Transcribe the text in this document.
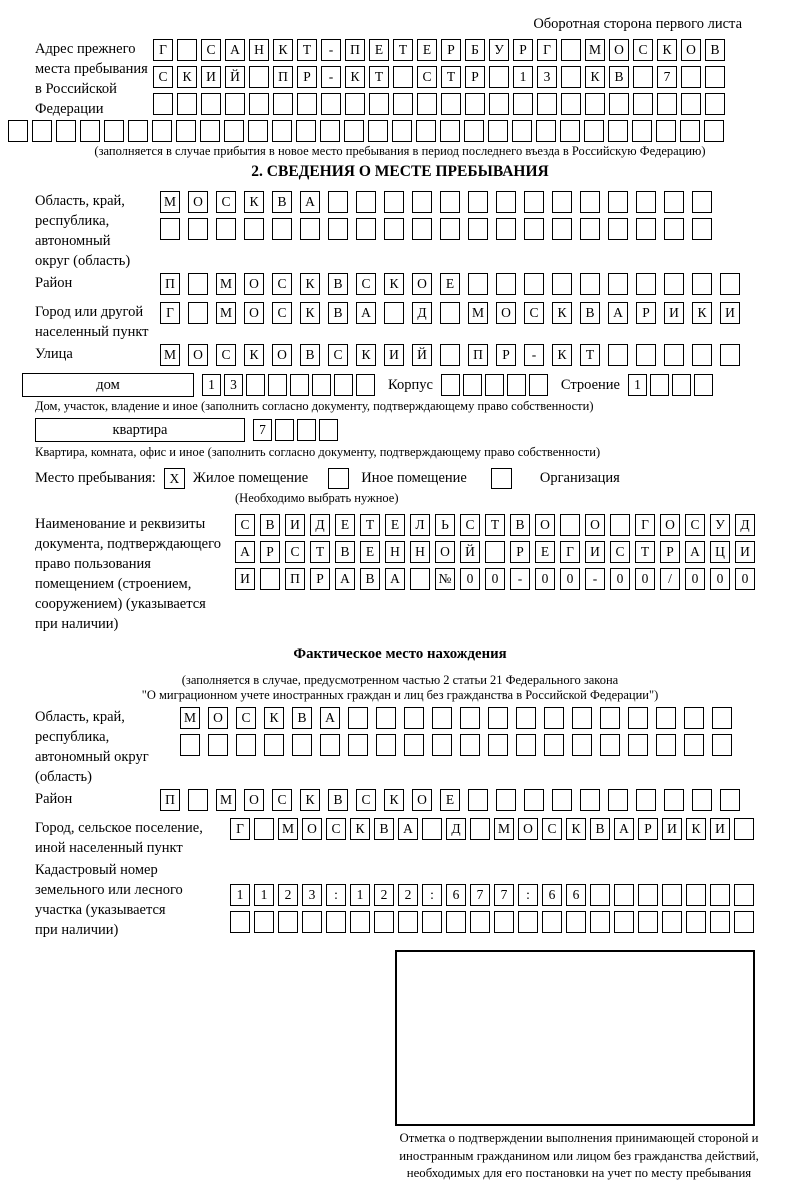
Оборотная сторона первого листа
Адрес прежнего
места пребывания
в Российской
Федерации
Г	С	А	Н	К	Т	-	П	Е	Т	Е	Р	Б	У	Р	Г	М О	С	К	О	В
С	К	И	Й	П	Р	-	К	Т	С	Т	Р	1	3	К	В	7
(заполняется в случае прибытия в новое место пребывания в период последнего въезда в Российскую Федерацию)
2. СВЕДЕНИЯ О МЕСТЕ ПРЕБЫВАНИЯ
Область, край,
республика,
автономный
округ (область)
М	О	С	К	В	А
Район	П	М	О	С	К	В	С	К	О	Е
Город или другой
населенный пункт
Г	М	О	С	К	В	А	Д	М	О	С	К	В	А	Р	И	К	И
Улица	М	О	С	К	О	В	С	К	И	Й	П	Р	-	К	Т
дом	1	3	Корпус	Строение	1
Дом, участок, владение и иное (заполнить согласно документу, подтверждающему право собственности)
квартира	7
Квартира, комната, офис и иное (заполнить согласно документу, подтверждающему право собственности)
Место пребывания:	X Жилое помещение	Иное помещение	Организация
(Необходимо выбрать нужное)
Наименование и реквизиты
документа, подтверждающего
право пользования
помещением (строением,
сооружением) (указывается
при наличии)
С	В	И	Д	Е	Т	Е	Л	Ь	С	Т	В	О	О	Г	О	С	У	Д
А	Р	С	Т	В	Е	Н	Н	О	Й	Р	Е	Г	И	С	Т	Р	А	Ц	И
И	П	Р	А	В	А	№	0	0	-	0	0	-	0	0	/	0	0	0
Фактическое место нахождения
(заполняется в случае, предусмотренном частью 2 статьи 21 Федерального закона
"О миграционном учете иностранных граждан и лиц без гражданства в Российской Федерации")
Область, край,
республика,
автономный округ
(область)
М	О	С	К	В	А
Район	П	М	О	С	К	В	С	К	О	Е
Город, сельское поселение,
иной населенный пункт
Г	М О	С	К	В	А	Д	М О	С	К	В	А	Р	И	К	И
Кадастровый номер
земельного или лесного
участка (указывается
при наличии)
1	1	2	3	:	1	2	2	:	6	7	7	:	6	6
Отметка о подтверждении выполнения принимающей стороной и иностранным гражданином или лицом без гражданства действий, необходимых для его постановки на учет по месту пребывания
